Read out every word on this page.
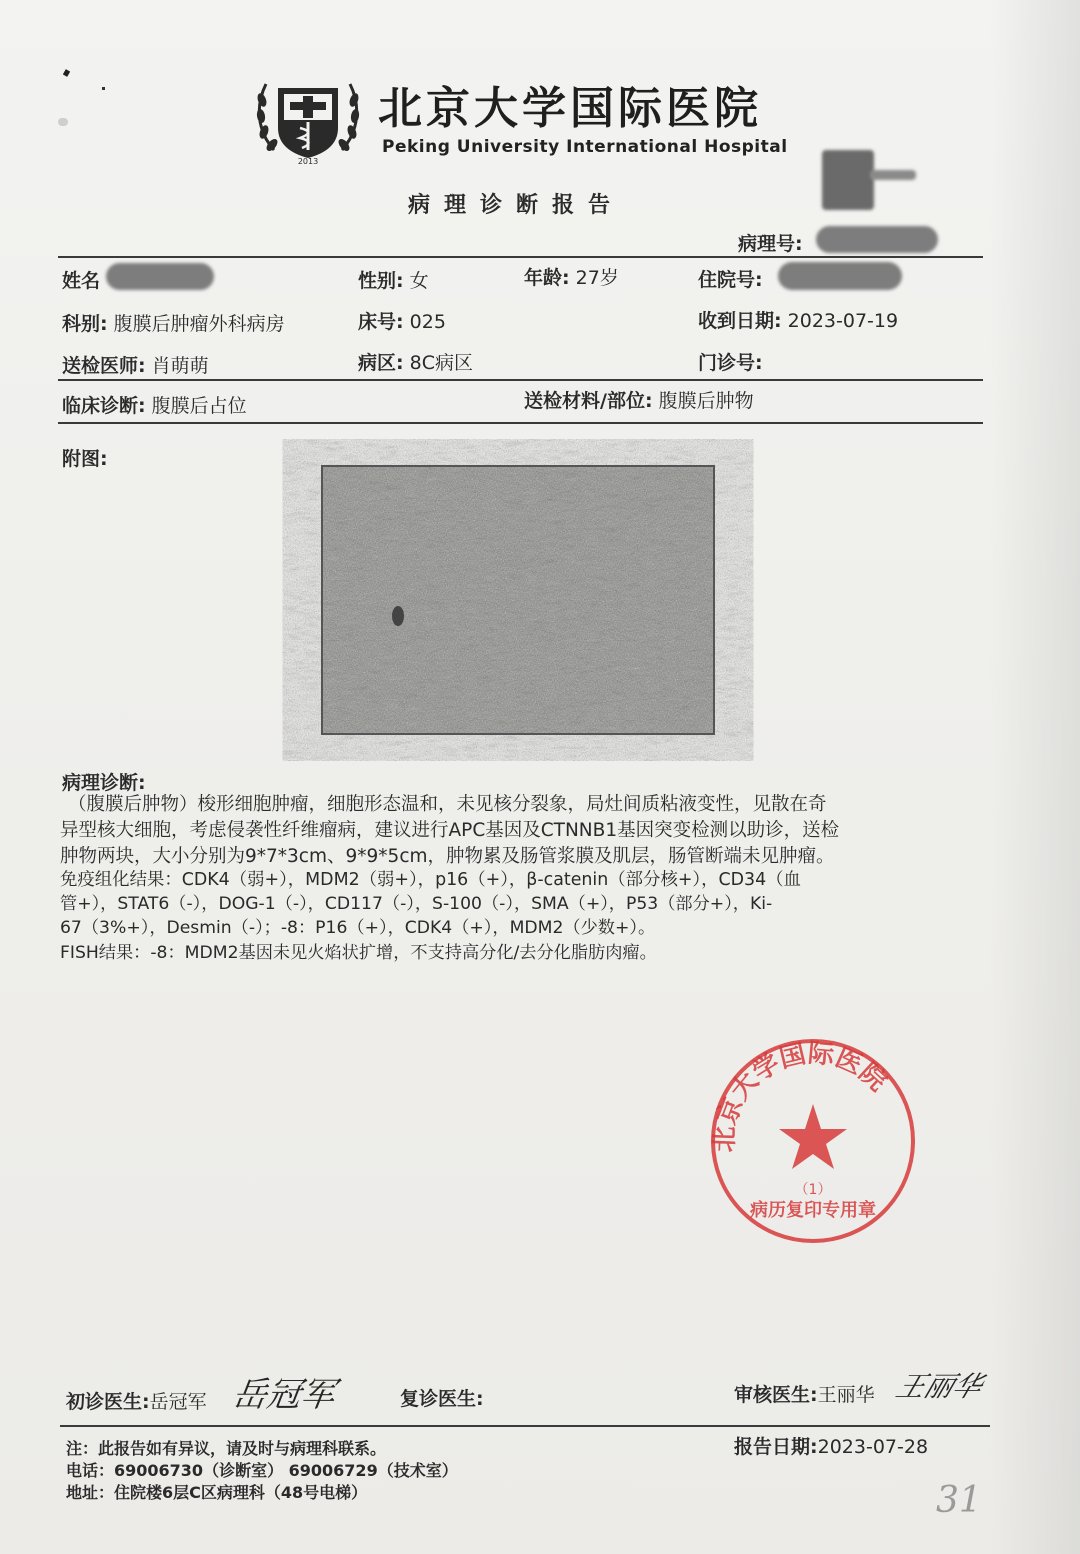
2013
北京大学国际医院
Peking University International Hospital
病理诊断报告
病理号:
姓名	性别: 女	年龄: 27岁	住院号:
科别: 腹膜后肿瘤外科病房	床号: 025	收到日期: 2023-07-19
送检医师: 肖萌萌	病区: 8C病区	门诊号:
临床诊断: 腹膜后占位	送检材料/部位: 腹膜后肿物
附图:
病理诊断:
（腹膜后肿物）梭形细胞肿瘤，细胞形态温和，未见核分裂象，局灶间质粘液变性，见散在奇
异型核大细胞，考虑侵袭性纤维瘤病，建议进行APC基因及CTNNB1基因突变检测以助诊，送检
肿物两块，大小分别为9*7*3cm、9*9*5cm，肿物累及肠管浆膜及肌层，肠管断端未见肿瘤。
免疫组化结果：CDK4（弱+），MDM2（弱+），p16（+），β-catenin（部分核+），CD34（血
管+），STAT6（-），DOG-1（-），CD117（-），S-100（-），SMA（+），P53（部分+），Ki-
67（3%+），Desmin（-）；-8：P16（+），CDK4（+），MDM2（少数+）。
FISH结果：-8：MDM2基因未见火焰状扩增，不支持高分化/去分化脂肪肉瘤。
北京大学国际医院
（1）
病历复印专用章
初诊医生:岳冠军 岳冠军	复诊医生:	审核医生:王丽华 王丽华
注：此报告如有异议，请及时与病理科联系。
电话：69006730（诊断室） 69006729（技术室）
地址：住院楼6层C区病理科（48号电梯）
报告日期:2023-07-28
31
